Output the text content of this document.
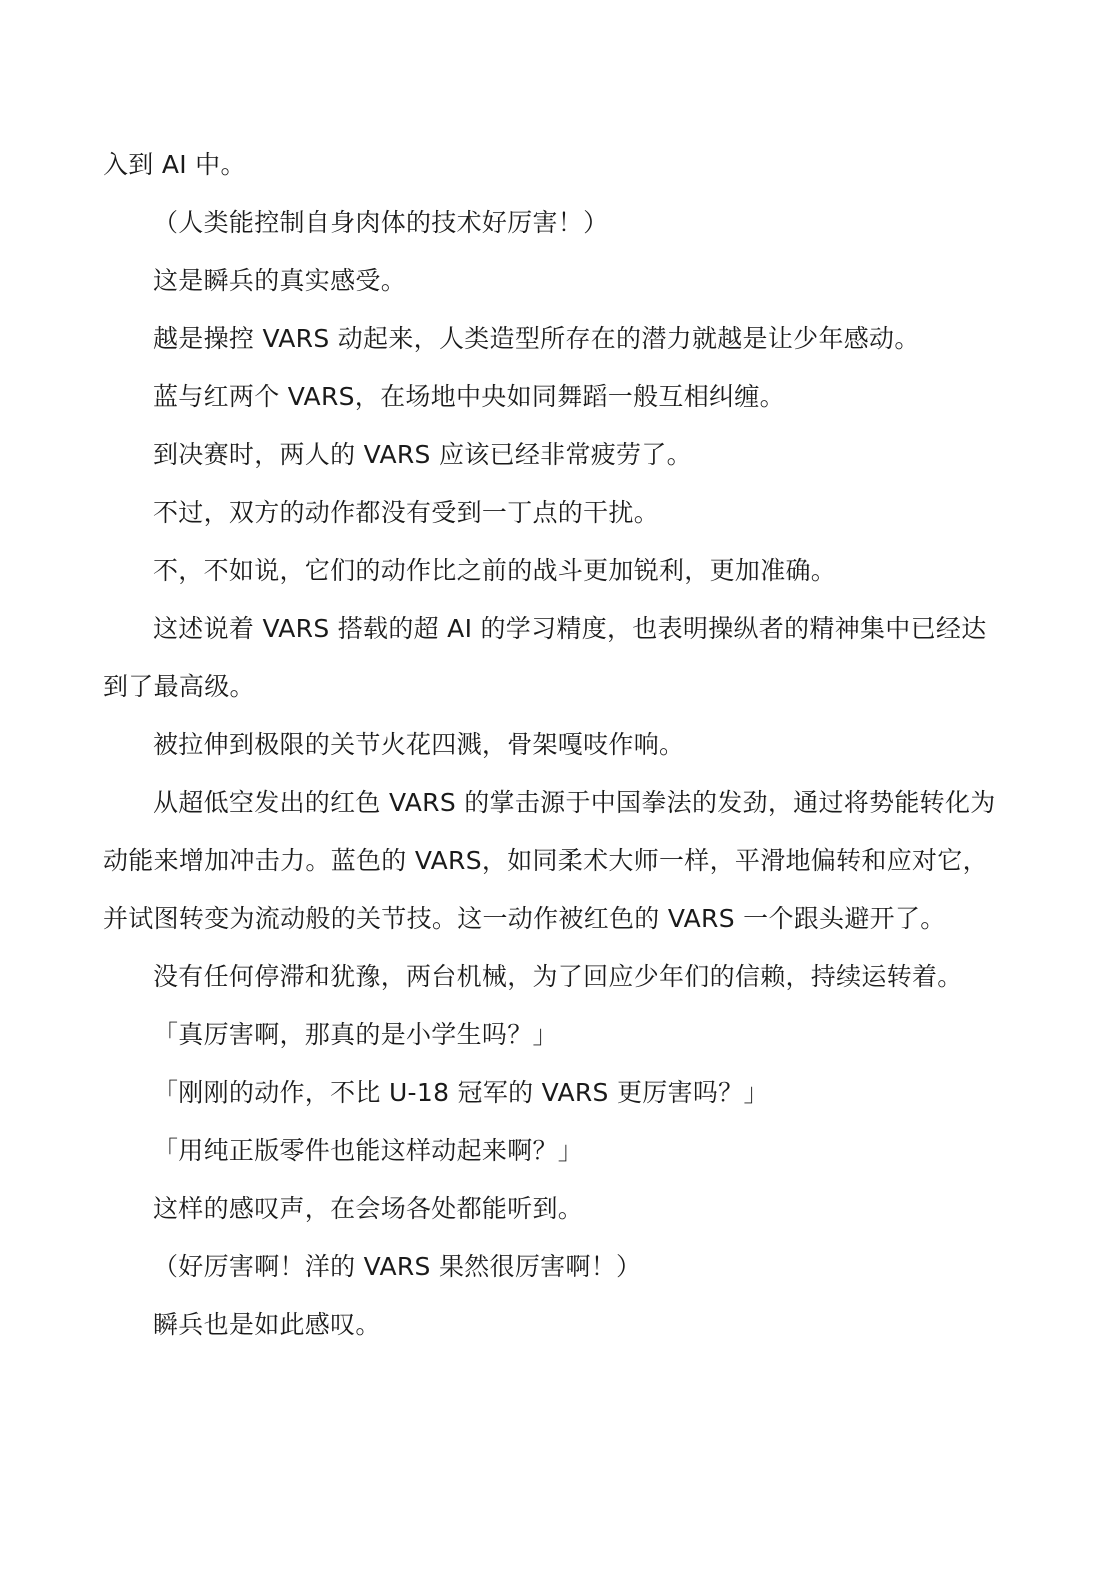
入到 AI 中。

（人类能控制自身肉体的技术好厉害！）

这是瞬兵的真实感受。

越是操控 VARS 动起来，人类造型所存在的潜力就越是让少年感动。

蓝与红两个 VARS，在场地中央如同舞蹈一般互相纠缠。

到决赛时，两人的 VARS 应该已经非常疲劳了。

不过，双方的动作都没有受到一丁点的干扰。

不，不如说，它们的动作比之前的战斗更加锐利，更加准确。

这述说着 VARS 搭载的超 AI 的学习精度，也表明操纵者的精神集中已经达到了最高级。

被拉伸到极限的关节火花四溅，骨架嘎吱作响。

从超低空发出的红色 VARS 的掌击源于中国拳法的发劲，通过将势能转化为动能来增加冲击力。蓝色的 VARS，如同柔术大师一样，平滑地偏转和应对它，并试图转变为流动般的关节技。这一动作被红色的 VARS 一个跟头避开了。

没有任何停滞和犹豫，两台机械，为了回应少年们的信赖，持续运转着。

「真厉害啊，那真的是小学生吗？」

「刚刚的动作，不比 U-18 冠军的 VARS 更厉害吗？」

「用纯正版零件也能这样动起来啊？」

这样的感叹声，在会场各处都能听到。

（好厉害啊！洋的 VARS 果然很厉害啊！）

瞬兵也是如此感叹。
